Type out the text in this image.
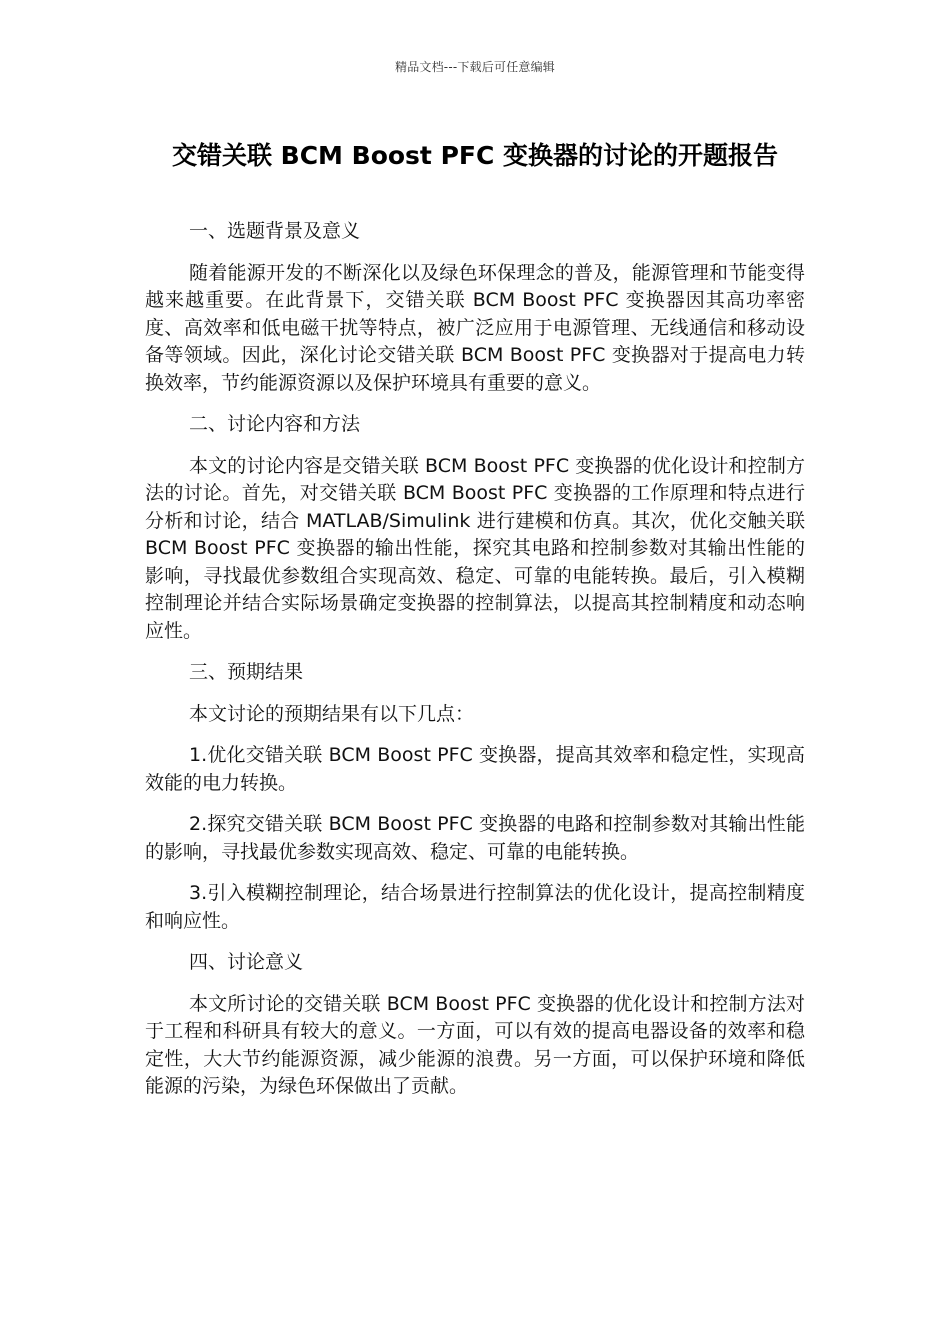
精品文档---下载后可任意编辑
交错关联 BCM Boost PFC 变换器的讨论的开题报告

一、选题背景及意义

随着能源开发的不断深化以及绿色环保理念的普及，能源管理和节能变得越来越重要。在此背景下，交错关联 BCM Boost PFC 变换器因其高功率密度、高效率和低电磁干扰等特点，被广泛应用于电源管理、无线通信和移动设备等领域。因此，深化讨论交错关联 BCM Boost PFC 变换器对于提高电力转换效率，节约能源资源以及保护环境具有重要的意义。

二、讨论内容和方法

本文的讨论内容是交错关联 BCM Boost PFC 变换器的优化设计和控制方法的讨论。首先，对交错关联 BCM Boost PFC 变换器的工作原理和特点进行分析和讨论，结合 MATLAB/Simulink 进行建模和仿真。其次，优化交触关联 BCM Boost PFC 变换器的输出性能，探究其电路和控制参数对其输出性能的影响，寻找最优参数组合实现高效、稳定、可靠的电能转换。最后，引入模糊控制理论并结合实际场景确定变换器的控制算法，以提高其控制精度和动态响应性。

三、预期结果

本文讨论的预期结果有以下几点：

1.优化交错关联 BCM Boost PFC 变换器，提高其效率和稳定性，实现高效能的电力转换。

2.探究交错关联 BCM Boost PFC 变换器的电路和控制参数对其输出性能的影响，寻找最优参数实现高效、稳定、可靠的电能转换。

3.引入模糊控制理论，结合场景进行控制算法的优化设计，提高控制精度和响应性。

四、讨论意义

本文所讨论的交错关联 BCM Boost PFC 变换器的优化设计和控制方法对于工程和科研具有较大的意义。一方面，可以有效的提高电器设备的效率和稳定性，大大节约能源资源，减少能源的浪费。另一方面，可以保护环境和降低能源的污染，为绿色环保做出了贡献。
